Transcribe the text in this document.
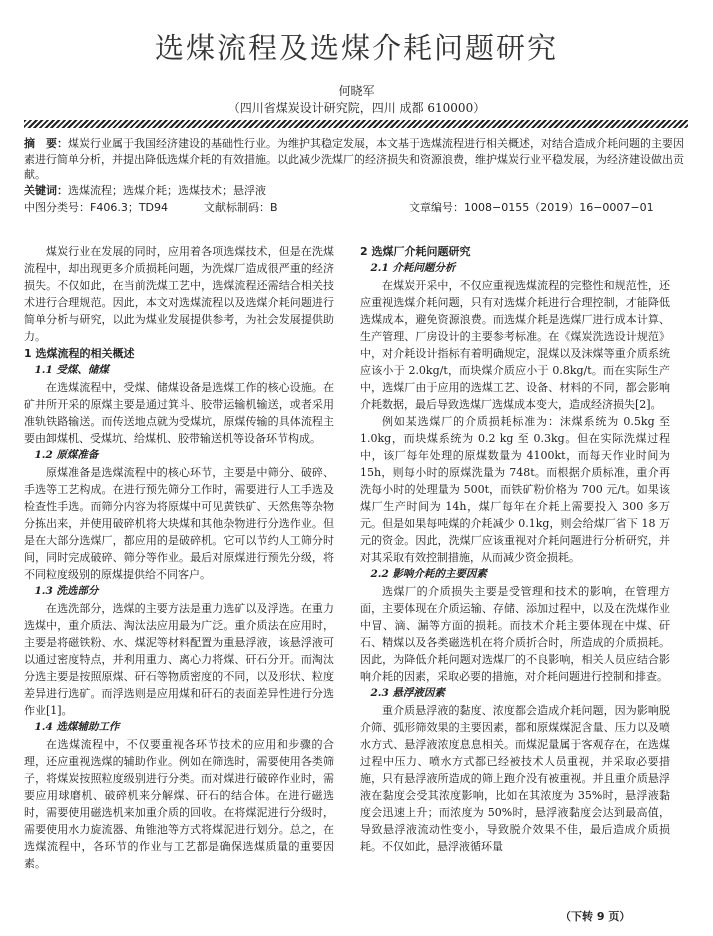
选煤流程及选煤介耗问题研究
何晓军
（四川省煤炭设计研究院，四川 成都 610000）

摘　要：煤炭行业属于我国经济建设的基础性行业。为维护其稳定发展，本文基于选煤流程进行相关概述，对结合造成介耗问题的主要因素进行简单分析，并提出降低选煤介耗的有效措施。以此减少洗煤厂的经济损失和资源浪费，维护煤炭行业平稳发展，为经济建设做出贡献。

关键词：选煤流程；选煤介耗；选煤技术；悬浮液

中图分类号：F406.3；TD94	文献标制码：B	文章编号：1008−0155（2019）16−0007−01

煤炭行业在发展的同时，应用着各项选煤技术，但是在洗煤流程中，却出现更多介质损耗问题，为洗煤厂造成很严重的经济损失。不仅如此，在当前洗煤工艺中，选煤流程还需结合相关技术进行合理规范。因此，本文对选煤流程以及选煤介耗问题进行简单分析与研究，以此为煤业发展提供参考，为社会发展提供助力。

1 选煤流程的相关概述
1.1 受煤、储煤

在选煤流程中，受煤、储煤设备是选煤工作的核心设施。在矿井所开采的原煤主要是通过箕斗、胶带运输机输送，或者采用准轨铁路输送。而传送地点就为受煤坑，原煤传输的具体流程主要由卸煤机、受煤坑、给煤机、胶带输送机等设备环节构成。

1.2 原煤准备

原煤准备是选煤流程中的核心环节，主要是中筛分、破碎、手选等工艺构成。在进行预先筛分工作时，需要进行人工手选及检查性手选。而筛分内容为将原煤中可见黄铁矿、天然焦等杂物分拣出来，并使用破碎机将大块煤和其他杂物进行分选作业。但是在大部分选煤厂，都应用的是破碎机。它可以节约人工筛分时间，同时完成破碎、筛分等作业。最后对原煤进行预先分级，将不同粒度级别的原煤提供给不同客户。

1.3 洗选部分

在选洗部分，选煤的主要方法是重力选矿以及浮选。在重力选煤中，重介质法、淘汰法应用最为广泛。重介质法在应用时，主要是将磁铁粉、水、煤泥等材料配置为重悬浮液，该悬浮液可以通过密度特点，并利用重力、离心力将煤、矸石分开。而淘汰分选主要是按照原煤、矸石等物质密度的不同，以及形状、粒度差异进行选矿。而浮选则是应用煤和矸石的表面差异性进行分选作业[1]。

1.4 选煤辅助工作

在选煤流程中，不仅要重视各环节技术的应用和步骤的合理，还应重视选煤的辅助作业。例如在筛选时，需要使用各类筛子，将煤炭按照粒度级别进行分类。而对煤进行破碎作业时，需要应用球磨机、破碎机来分解煤、矸石的结合体。在进行磁选时，需要使用磁选机来加重介质的回收。在将煤泥进行分级时，需要使用水力旋流器、角锥池等方式将煤泥进行划分。总之，在选煤流程中，各环节的作业与工艺都是确保选煤质量的重要因素。

2 选煤厂介耗问题研究
2.1 介耗问题分析

在煤炭开采中，不仅应重视选煤流程的完整性和规范性，还应重视选煤介耗问题，只有对选煤介耗进行合理控制，才能降低选煤成本，避免资源浪费。而选煤介耗是选煤厂进行成本计算、生产管理、厂房设计的主要参考标准。在《煤炭洗选设计规范》中，对介耗设计指标有着明确规定，混煤以及沫煤等重介质系统应该小于 2.0kg/t，而块煤介质应小于 0.8kg/t。而在实际生产中，选煤厂由于应用的选煤工艺、设备、材料的不同，都会影响介耗数据，最后导致选煤厂选煤成本变大，造成经济损失[2]。

例如某选煤厂的介质损耗标准为：沫煤系统为 0.5kg 至 1.0kg，而块煤系统为 0.2 kg 至 0.3kg。但在实际洗煤过程中，该厂每年处理的原煤数量为 4100kt，而每天作业时间为 15h，则每小时的原煤洗量为 748t。而根据介质标准，重介再洗每小时的处理量为 500t，而铁矿粉价格为 700 元/t。如果该煤厂生产时间为 14h，煤厂每年在介耗上需要投入 300 多万元。但是如果每吨煤的介耗减少 0.1kg，则会给煤厂省下 18 万元的资金。因此，洗煤厂应该重视对介耗问题进行分析研究，并对其采取有效控制措施，从而减少资金损耗。

2.2 影响介耗的主要因素

选煤厂的介质损失主要是受管理和技术的影响，在管理方面，主要体现在介质运输、存储、添加过程中，以及在洗煤作业中冒、滴、漏等方面的损耗。而技术介耗主要体现在中煤、矸石、精煤以及各类磁选机在将介质折合时，所造成的介质损耗。因此，为降低介耗问题对选煤厂的不良影响，相关人员应结合影响介耗的因素，采取必要的措施，对介耗问题进行控制和排查。

2.3 悬浮液因素

重介质悬浮液的黏度、浓度都会造成介耗问题，因为影响脱介筛、弧形筛效果的主要因素，都和原煤煤泥含量、压力以及喷水方式、悬浮液浓度息息相关。而煤泥量属于客观存在，在选煤过程中压力、喷水方式都已经被技术人员重视，并采取必要措施，只有悬浮液所造成的筛上跑介没有被重视。并且重介质悬浮液在黏度会受其浓度影响，比如在其浓度为 35%时，悬浮液黏度会迅速上升；而浓度为 50%时，悬浮液黏度会达到最高值，导致悬浮液流动性变小，导致脱介效果不佳，最后造成介质损耗。不仅如此，悬浮液循环量

（下转 9 页）
